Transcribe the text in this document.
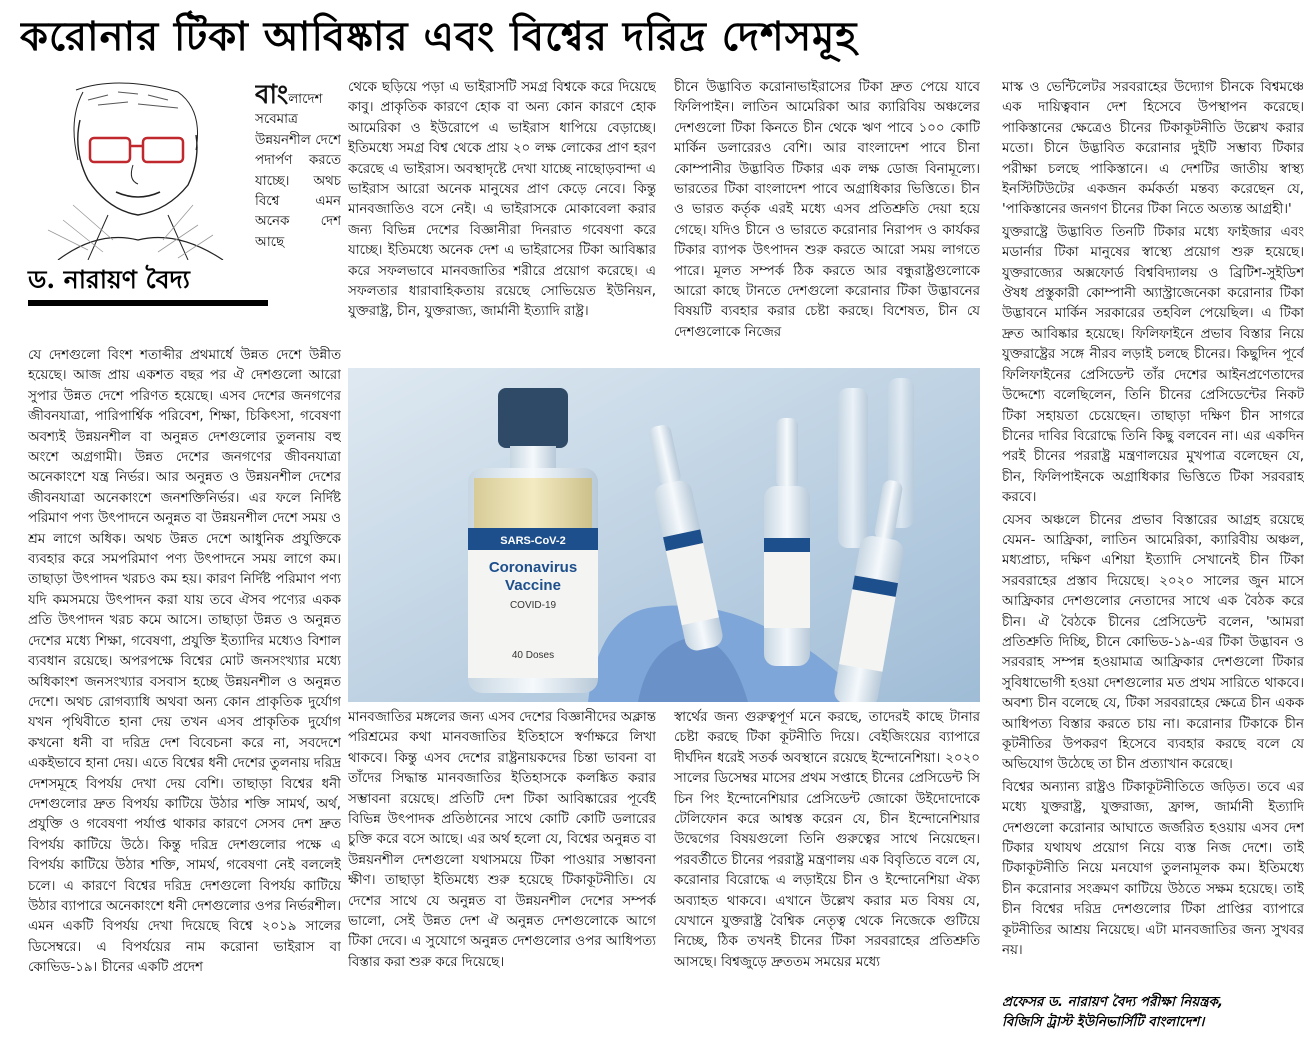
করোনার টিকা আবিষ্কার এবং বিশ্বের দরিদ্র দেশসমূহ
বাংলাদেশ সবেমাত্র উন্নয়নশীল দেশে পদার্পণ করতে যাচ্ছে। অথচ বিশ্বে এমন অনেক দেশ আছে
ড. নারায়ণ বৈদ্য

যে দেশগুলো বিংশ শতাব্দীর প্রথমার্ধে উন্নত দেশে উন্নীত হয়েছে। আজ প্রায় একশত বছর পর ঐ দেশগুলো আরো সুপার উন্নত দেশে পরিণত হয়েছে। এসব দেশের জনগণের জীবনযাত্রা, পারিপার্শ্বিক পরিবেশ, শিক্ষা, চিকিৎসা, গবেষণা অবশ্যই উন্নয়নশীল বা অনুন্নত দেশগুলোর তুলনায় বহু অংশে অগ্রগামী। উন্নত দেশের জনগণের জীবনযাত্রা অনেকাংশে যন্ত্র নির্ভর। আর অনুন্নত ও উন্নয়নশীল দেশের জীবনযাত্রা অনেকাংশে জনশক্তিনির্ভর। এর ফলে নির্দিষ্ট পরিমাণ পণ্য উৎপাদনে অনুন্নত বা উন্নয়নশীল দেশে সময় ও শ্রম লাগে অধিক। অথচ উন্নত দেশে আধুনিক প্রযুক্তিকে ব্যবহার করে সমপরিমাণ পণ্য উৎপাদনে সময় লাগে কম। তাছাড়া উৎপাদন খরচও কম হয়। কারণ নির্দিষ্ট পরিমাণ পণ্য যদি কমসময়ে উৎপাদন করা যায় তবে ঐসব পণ্যের একক প্রতি উৎপাদন খরচ কমে আসে। তাছাড়া উন্নত ও অনুন্নত দেশের মধ্যে শিক্ষা, গবেষণা, প্রযুক্তি ইত্যাদির মধ্যেও বিশাল ব্যবধান রয়েছে। অপরপক্ষে বিশ্বের মোট জনসংখ্যার মধ্যে অধিকাংশ জনসংখ্যার বসবাস হচ্ছে উন্নয়নশীল ও অনুন্নত দেশে। অথচ রোগব্যাধি অথবা অন্য কোন প্রাকৃতিক দুর্যোগ যখন পৃথিবীতে হানা দেয় তখন এসব প্রাকৃতিক দুর্যোগ কখনো ধনী বা দরিদ্র দেশ বিবেচনা করে না, সবদেশে একইভাবে হানা দেয়। এতে বিশ্বের ধনী দেশের তুলনায় দরিদ্র দেশসমূহে বিপর্যয় দেখা দেয় বেশি। তাছাড়া বিশ্বের ধনী দেশগুলোর দ্রুত বিপর্যয় কাটিয়ে উঠার শক্তি সামর্থ, অর্থ, প্রযুক্তি ও গবেষণা পর্যাপ্ত থাকার কারণে সেসব দেশ দ্রুত বিপর্যয় কাটিয়ে উঠে। কিন্তু দরিদ্র দেশগুলোর পক্ষে এ বিপর্যয় কাটিয়ে উঠার শক্তি, সামর্থ, গবেষণা নেই বললেই চলে। এ কারণে বিশ্বের দরিদ্র দেশগুলো বিপর্যয় কাটিয়ে উঠার ব্যাপারে অনেকাংশে ধনী দেশগুলোর ওপর নির্ভরশীল। এমন একটি বিপর্যয় দেখা দিয়েছে বিশ্বে ২০১৯ সালের ডিসেম্বরে। এ বিপর্যয়ের নাম করোনা ভাইরাস বা কোভিড-১৯। চীনের একটি প্রদেশ

থেকে ছড়িয়ে পড়া এ ভাইরাসটি সমগ্র বিশ্বকে করে দিয়েছে কাবু। প্রাকৃতিক কারণে হোক বা অন্য কোন কারণে হোক আমেরিকা ও ইউরোপে এ ভাইরাস ধাপিয়ে বেড়াচ্ছে। ইতিমধ্যে সমগ্র বিশ্ব থেকে প্রায় ২০ লক্ষ লোকের প্রাণ হরণ করেছে এ ভাইরাস। অবস্থাদৃষ্টে দেখা যাচ্ছে নাছোড়বান্দা এ ভাইরাস আরো অনেক মানুষের প্রাণ কেড়ে নেবে। কিন্তু মানবজাতিও বসে নেই। এ ভাইরাসকে মোকাবেলা করার জন্য বিভিন্ন দেশের বিজ্ঞানীরা দিনরাত গবেষণা করে যাচ্ছে। ইতিমধ্যে অনেক দেশ এ ভাইরাসের টিকা আবিষ্কার করে সফলভাবে মানবজাতির শরীরে প্রয়োগ করেছে। এ সফলতার ধারাবাহিকতায় রয়েছে সোভিয়েত ইউনিয়ন, যুক্তরাষ্ট্র, চীন, যুক্তরাজ্য, জার্মানী ইত্যাদি রাষ্ট্র।

চীনে উদ্ভাবিত করোনাভাইরাসের টিকা দ্রুত পেয়ে যাবে ফিলিপাইন। লাতিন আমেরিকা আর ক্যারিবিয় অঞ্চলের দেশগুলো টিকা কিনতে চীন থেকে ঋণ পাবে ১০০ কোটি মার্কিন ডলারেরও বেশি। আর বাংলাদেশ পাবে চীনা কোম্পানীর উদ্ভাবিত টিকার এক লক্ষ ডোজ বিনামূল্যে। ভারতের টিকা বাংলাদেশ পাবে অগ্রাধিকার ভিত্তিতে। চীন ও ভারত কর্তৃক এরই মধ্যে এসব প্রতিশ্রুতি দেয়া হয়ে গেছে। যদিও চীনে ও ভারতে করোনার নিরাপদ ও কার্যকর টিকার ব্যাপক উৎপাদন শুরু করতে আরো সময় লাগতে পারে। মূলত সম্পর্ক ঠিক করতে আর বন্ধুরাষ্ট্রগুলোকে আরো কাছে টানতে দেশগুলো করোনার টিকা উদ্ভাবনের বিষয়টি ব্যবহার করার চেষ্টা করছে। বিশেষত, চীন যে দেশগুলোকে নিজের

SARS-CoV-2
Coronavirus
Vaccine
COVID-19
40 Doses

মানবজাতির মঙ্গলের জন্য এসব দেশের বিজ্ঞানীদের অক্লান্ত পরিশ্রমের কথা মানবজাতির ইতিহাসে স্বর্ণাক্ষরে লিখা থাকবে। কিন্তু এসব দেশের রাষ্ট্রনায়কদের চিন্তা ভাবনা বা তাঁদের সিদ্ধান্ত মানবজাতির ইতিহাসকে কলঙ্কিত করার সম্ভাবনা রয়েছে। প্রতিটি দেশ টিকা আবিষ্কারের পূর্বেই বিভিন্ন উৎপাদক প্রতিষ্ঠানের সাথে কোটি কোটি ডলারের চুক্তি করে বসে আছে। এর অর্থ হলো যে, বিশ্বের অনুন্নত বা উন্নয়নশীল দেশগুলো যথাসময়ে টিকা পাওয়ার সম্ভাবনা ক্ষীণ। তাছাড়া ইতিমধ্যে শুরু হয়েছে টিকাকূটনীতি। যে দেশের সাথে যে অনুন্নত বা উন্নয়নশীল দেশের সম্পর্ক ভালো, সেই উন্নত দেশ ঐ অনুন্নত দেশগুলোকে আগে টিকা দেবে। এ সুযোগে অনুন্নত দেশগুলোর ওপর আধিপত্য বিস্তার করা শুরু করে দিয়েছে।

স্বার্থের জন্য গুরুত্বপূর্ণ মনে করছে, তাদেরই কাছে টানার চেষ্টা করছে টিকা কূটনীতি দিয়ে। বেইজিংয়ের ব্যাপারে দীর্ঘদিন ধরেই সতর্ক অবস্থানে রয়েছে ইন্দোনেশিয়া। ২০২০ সালের ডিসেম্বর মাসের প্রথম সপ্তাহে চীনের প্রেসিডেন্ট সি চিন পিং ইন্দোনেশিয়ার প্রেসিডেন্ট জোকো উইদোদোকে টেলিফোন করে আশ্বস্ত করেন যে, চীন ইন্দোনেশিয়ার উদ্বেগের বিষয়গুলো তিনি গুরুত্বের সাথে নিয়েছেন। পরবর্তীতে চীনের পররাষ্ট্র মন্ত্রণালয় এক বিবৃতিতে বলে যে, করোনার বিরোদ্ধে এ লড়াইয়ে চীন ও ইন্দোনেশিয়া ঐক্য অব্যাহত থাকবে। এখানে উল্লেখ করার মত বিষয় যে, যেখানে যুক্তরাষ্ট্র বৈশ্বিক নেতৃত্ব থেকে নিজেকে গুটিয়ে নিচ্ছে, ঠিক তখনই চীনের টিকা সরবরাহের প্রতিশ্রুতি আসছে। বিশ্বজুড়ে দ্রুততম সময়ের মধ্যে

মাস্ক ও ভেন্টিলেটর সরবরাহের উদ্যোগ চীনকে বিশ্বমঞ্চে এক দায়িত্ববান দেশ হিসেবে উপস্থাপন করেছে। পাকিস্তানের ক্ষেত্রেও চীনের টিকাকূটনীতি উল্লেখ করার মতো। চীনে উদ্ভাবিত করোনার দুইটি সম্ভাব্য টিকার পরীক্ষা চলছে পাকিস্তানে। এ দেশটির জাতীয় স্বাস্থ্য ইনস্টিটিউটের একজন কর্মকর্তা মন্তব্য করেছেন যে, 'পাকিস্তানের জনগণ চীনের টিকা নিতে অত্যন্ত আগ্রহী।'

যুক্তরাষ্ট্রে উদ্ভাবিত তিনটি টিকার মধ্যে ফাইজার এবং মডার্নার টিকা মানুষের স্বাস্থ্যে প্রয়োগ শুরু হয়েছে। যুক্তরাজ্যের অক্সফোর্ড বিশ্ববিদ্যালয় ও ব্রিটিশ-সুইডিশ ঔষধ প্রস্তুকারী কোম্পানী অ্যাস্ট্রাজেনেকা করোনার টিকা উদ্ভাবনে মার্কিন সরকারের তহবিল পেয়েছিল। এ টিকা দ্রুত আবিষ্কার হয়েছে। ফিলিফাইনে প্রভাব বিস্তার নিয়ে যুক্তরাষ্ট্রের সঙ্গে নীরব লড়াই চলছে চীনের। কিছুদিন পূর্বে ফিলিফাইনের প্রেসিডেন্ট তাঁর দেশের আইনপ্রণেতাদের উদ্দেশ্যে বলেছিলেন, তিনি চীনের প্রেসিডেন্টের নিকট টিকা সহায়তা চেয়েছেন। তাছাড়া দক্ষিণ চীন সাগরে চীনের দাবির বিরোদ্ধে তিনি কিছু বলবেন না। এর একদিন পরই চীনের পররাষ্ট্র মন্ত্রণালয়ের মুখপাত্র বলেছেন যে, চীন, ফিলিপাইনকে অগ্রাধিকার ভিত্তিতে টিকা সরবরাহ করবে।

যেসব অঞ্চলে চীনের প্রভাব বিস্তারের আগ্রহ রয়েছে যেমন- আফ্রিকা, লাতিন আমেরিকা, ক্যারিবীয় অঞ্চল, মধ্যপ্রাচ্য, দক্ষিণ এশিয়া ইত্যাদি সেখানেই চীন টিকা সরবরাহের প্রস্তাব দিয়েছে। ২০২০ সালের জুন মাসে আফ্রিকার দেশগুলোর নেতাদের সাথে এক বৈঠক করে চীন। ঐ বৈঠকে চীনের প্রেসিডেন্ট বলেন, 'আমরা প্রতিশ্রুতি দিচ্ছি, চীনে কোভিড-১৯-এর টিকা উদ্ভাবন ও সরবরাহ সম্পন্ন হওয়ামাত্র আফ্রিকার দেশগুলো টিকার সুবিধাভোগী হওয়া দেশগুলোর মত প্রথম সারিতে থাকবে। অবশ্য চীন বলেছে যে, টিকা সরবরাহের ক্ষেত্রে চীন একক আধিপত্য বিস্তার করতে চায় না। করোনার টিকাকে চীন কূটনীতির উপকরণ হিসেবে ব্যবহার করছে বলে যে অভিযোগ উঠেছে তা চীন প্রত্যাখান করেছে।

বিশ্বের অন্যান্য রাষ্ট্রও টিকাকূটনীতিতে জড়িত। তবে এর মধ্যে যুক্তরাষ্ট্র, যুক্তরাজ্য, ফ্রান্স, জার্মানী ইত্যাদি দেশগুলো করোনার আঘাতে জর্জরিত হওয়ায় এসব দেশ টিকার যথাযথ প্রয়োগ নিয়ে ব্যস্ত নিজ দেশে। তাই টিকাকূটনীতি নিয়ে মনযোগ তুলনামূলক কম। ইতিমধ্যে চীন করোনার সংক্রমণ কাটিয়ে উঠতে সক্ষম হয়েছে। তাই চীন বিশ্বের দরিদ্র দেশগুলোর টিকা প্রাপ্তির ব্যাপারে কূটনীতির আশ্রয় নিয়েছে। এটা মানবজাতির জন্য সুখবর নয়।

প্রফেসর ড. নারায়ণ বৈদ্য পরীক্ষা নিয়ন্ত্রক,
বিজিসি ট্রাস্ট ইউনিভার্সিটি বাংলাদেশ।
